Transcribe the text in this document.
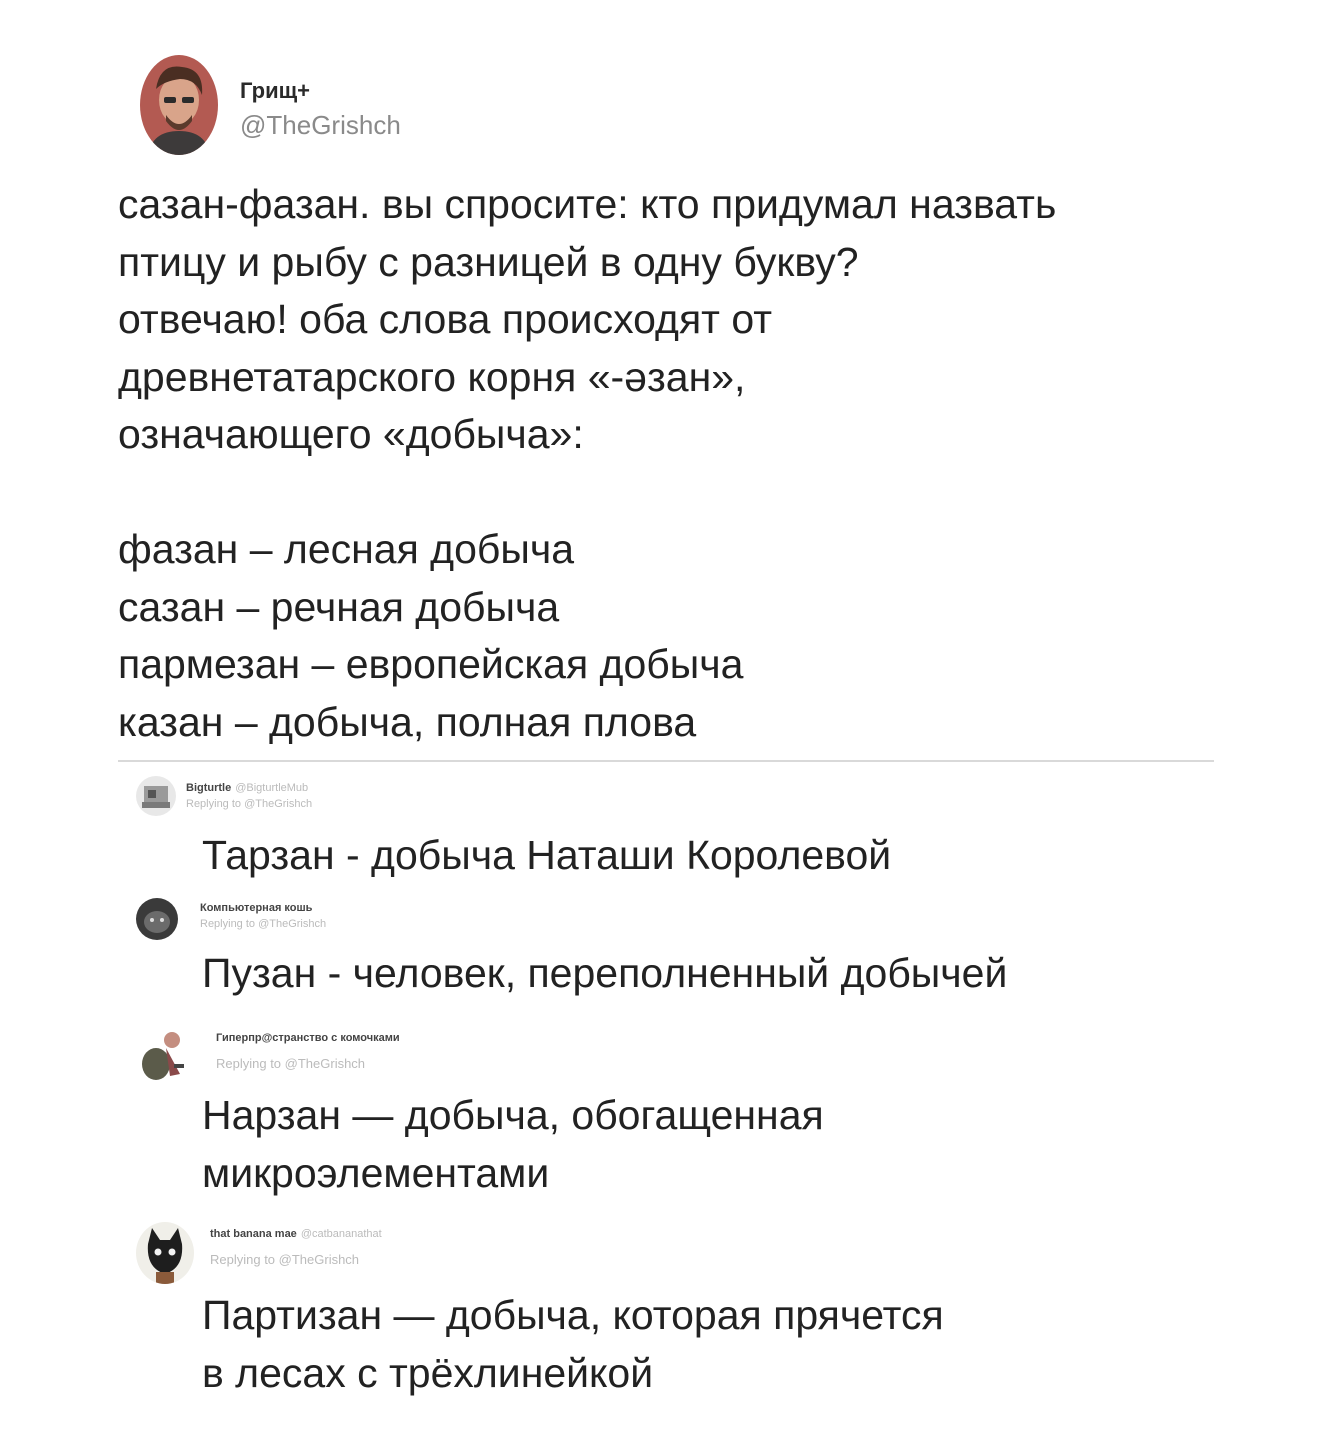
Грищ+
@TheGrishch
сазан-фазан. вы спросите: кто придумал назвать
птицу и рыбу с разницей в одну букву?
отвечаю! оба слова происходят от
древнетатарского корня «-әзан»,
означающего «добыча»:

фазан – лесная добыча
сазан – речная добыча
пармезан – европейская добыча
казан – добыча, полная плова
Bigturtle @BigturtleMub
Replying to @TheGrishch
Тарзан - добыча Наташи Королевой
Компьютерная кошь
Replying to @TheGrishch
Пузан - человек, переполненный добычей
Гиперпр@странство с комочками
Replying to @TheGrishch
Нарзан — добыча, обогащенная
микроэлементами
that banana mae @catbananathat
Replying to @TheGrishch
Партизан — добыча, которая прячется
в лесах с трёхлинейкой
